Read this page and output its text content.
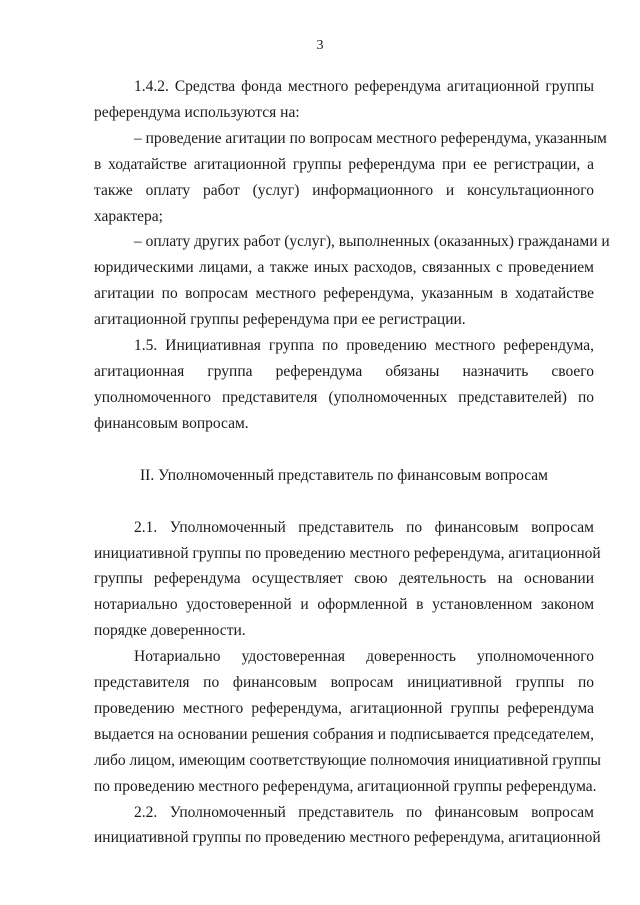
3
1.4.2. Средства фонда местного референдума агитационной группы
референдума используются на:
– проведение агитации по вопросам местного референдума, указанным
в ходатайстве агитационной группы референдума при ее регистрации, а
также оплату работ (услуг) информационного и консультационного
характера;
– оплату других работ (услуг), выполненных (оказанных) гражданами и
юридическими лицами, а также иных расходов, связанных с проведением
агитации по вопросам местного референдума, указанным в ходатайстве
агитационной группы референдума при ее регистрации.
1.5. Инициативная группа по проведению местного референдума,
агитационная группа референдума обязаны назначить своего
уполномоченного представителя (уполномоченных представителей) по
финансовым вопросам.
II. Уполномоченный представитель по финансовым вопросам
2.1. Уполномоченный представитель по финансовым вопросам
инициативной группы по проведению местного референдума, агитационной
группы референдума осуществляет свою деятельность на основании
нотариально удостоверенной и оформленной в установленном законом
порядке доверенности.
Нотариально удостоверенная доверенность уполномоченного
представителя по финансовым вопросам инициативной группы по
проведению местного референдума, агитационной группы референдума
выдается на основании решения собрания и подписывается председателем,
либо лицом, имеющим соответствующие полномочия инициативной группы
по проведению местного референдума, агитационной группы референдума.
2.2. Уполномоченный представитель по финансовым вопросам
инициативной группы по проведению местного референдума, агитационной
